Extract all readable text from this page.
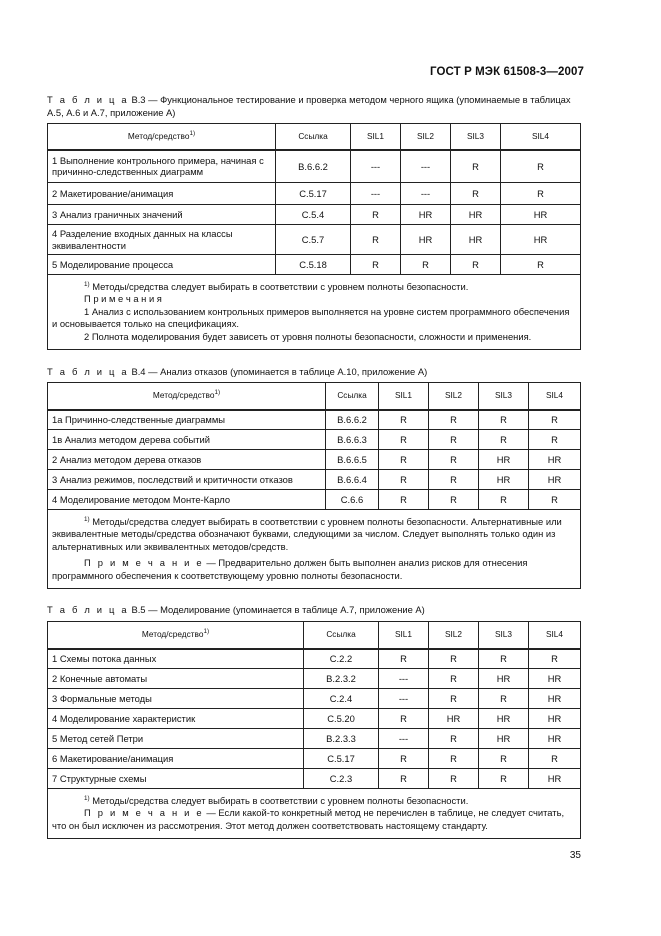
ГОСТ Р МЭК 61508-3—2007
Т а б л и ц а В.3 — Функциональное тестирование и проверка методом черного ящика (упоминаемые в таблицах А.5, А.6 и А.7, приложение А)
Метод/средство$^{1)}$	Ссылка	SIL1	SIL2	SIL3	SIL4
1 Выполнение контрольного примера, начиная с причинно-следственных диаграмм	В.6.6.2	---	---	R	R
2 Макетирование/анимация	С.5.17	---	---	R	R
3 Анализ граничных значений	С.5.4	R	HR	HR	HR
4 Разделение входных данных на классы эквивалентности	С.5.7	R	HR	HR	HR
5 Моделирование процесса	С.5.18	R	R	R	R

$^{1)}$ Методы/средства следует выбирать в соответствии с уровнем полноты безопасности.
П р и м е ч а н и я
1 Анализ с использованием контрольных примеров выполняется на уровне систем программного обеспечения и основывается только на спецификациях.
2 Полнота моделирования будет зависеть от уровня полноты безопасности, сложности и применения.					
Т а б л и ц а В.4 — Анализ отказов (упоминается в таблице А.10, приложение А)
Метод/средство$^{1)}$	Ссылка	SIL1	SIL2	SIL3	SIL4
1а Причинно-следственные диаграммы	В.6.6.2	R	R	R	R
1в Анализ методом дерева событий	В.6.6.3	R	R	R	R
2 Анализ методом дерева отказов	В.6.6.5	R	R	HR	HR
3 Анализ режимов, последствий и критичности отказов	В.6.6.4	R	R	HR	HR
4 Моделирование методом Монте-Карло	С.6.6	R	R	R	R

$^{1)}$ Методы/средства следует выбирать в соответствии с уровнем полноты безопасности. Альтернативные или эквивалентные методы/средства обозначают буквами, следующими за числом. Следует выполнять только один из альтернативных или эквивалентных методов/средств.
П р и м е ч а н и е — Предварительно должен быть выполнен анализ рисков для отнесения программного обеспечения к соответствующему уровню полноты безопасности.					
Т а б л и ц а В.5 — Моделирование (упоминается в таблице А.7, приложение А)
Метод/средство$^{1)}$	Ссылка	SIL1	SIL2	SIL3	SIL4
1 Схемы потока данных	С.2.2	R	R	R	R
2 Конечные автоматы	В.2.3.2	---	R	HR	HR
3 Формальные методы	С.2.4	---	R	R	HR
4 Моделирование характеристик	С.5.20	R	HR	HR	HR
5 Метод сетей Петри	В.2.3.3	---	R	HR	HR
6 Макетирование/анимация	С.5.17	R	R	R	R
7 Структурные схемы	С.2.3	R	R	R	HR

$^{1)}$ Методы/средства следует выбирать в соответствии с уровнем полноты безопасности.
П р и м е ч а н и е — Если какой-то конкретный метод не перечислен в таблице, не следует считать, что он был исключен из рассмотрения. Этот метод должен соответствовать настоящему стандарту.					
35
